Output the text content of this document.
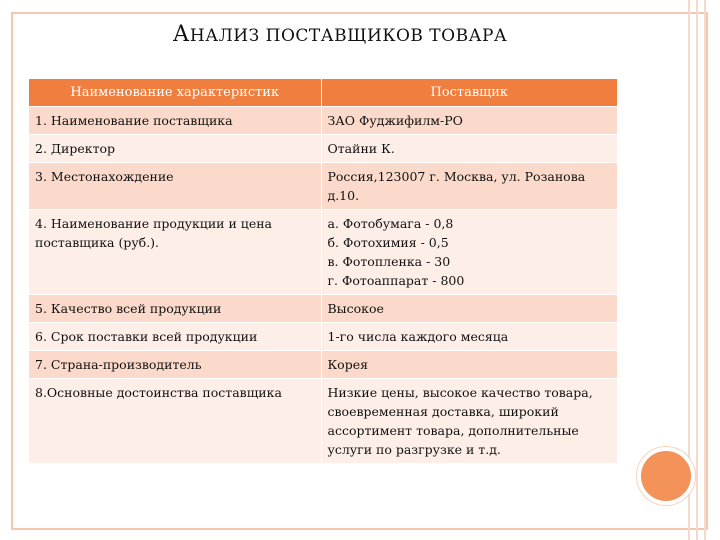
АНАЛИЗ ПОСТАВЩИКОВ ТОВАРА
Наименование характеристик	Поставщик
1. Наименование поставщика	ЗАО Фуджифилм-РО
2. Директор	Отайни К.
3. Местонахождение	Россия,123007 г. Москва, ул. Розанова д.10.
4. Наименование продукции и цена поставщика (руб.).	а. Фотобумага - 0,8
б. Фотохимия - 0,5
в. Фотопленка - 30
г. Фотоаппарат - 800

5. Качество всей продукции	Высокое
6. Срок поставки всей продукции	1-го числа каждого месяца
7. Страна-производитель	Корея
8.Основные достоинства поставщика	Низкие цены, высокое качество товара, своевременная доставка, широкий ассортимент товара, дополнительные услуги по разгрузке и т.д.
